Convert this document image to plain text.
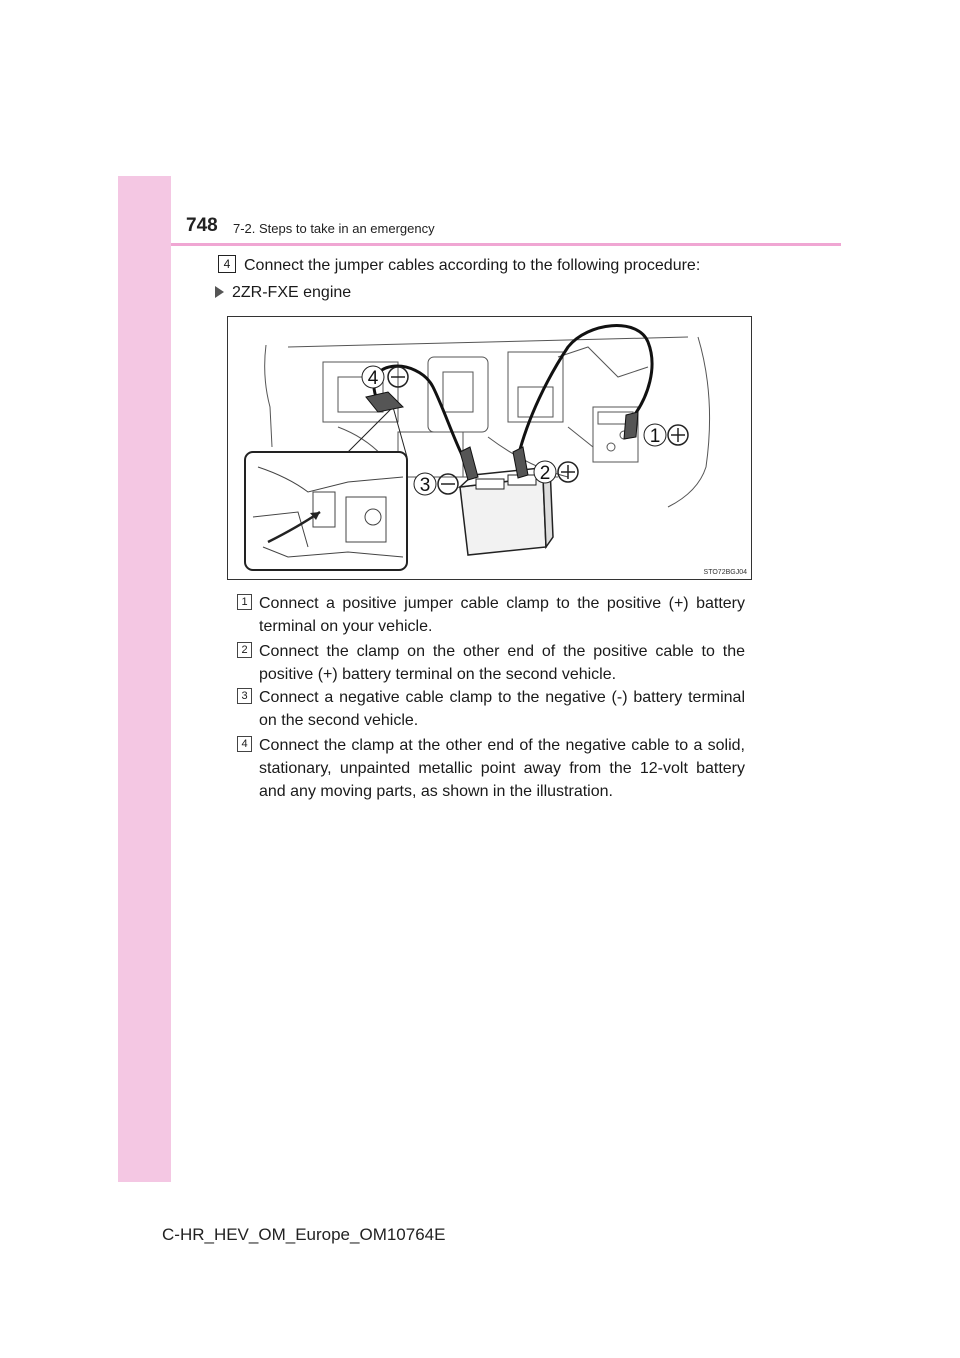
748 7-2. Steps to take in an emergency
4 Connect the jumper cables according to the following procedure:
2ZR-FXE engine
4
1
2
3
STO72BGJ04
1 Connect a positive jumper cable clamp to the positive (+) battery terminal on your vehicle.
2 Connect the clamp on the other end of the positive cable to the positive (+) battery terminal on the second vehicle.
3 Connect a negative cable clamp to the negative (-) battery terminal on the second vehicle.
4 Connect the clamp at the other end of the negative cable to a solid, stationary, unpainted metallic point away from the 12-volt battery and any moving parts, as shown in the illustration.
C-HR_HEV_OM_Europe_OM10764E
